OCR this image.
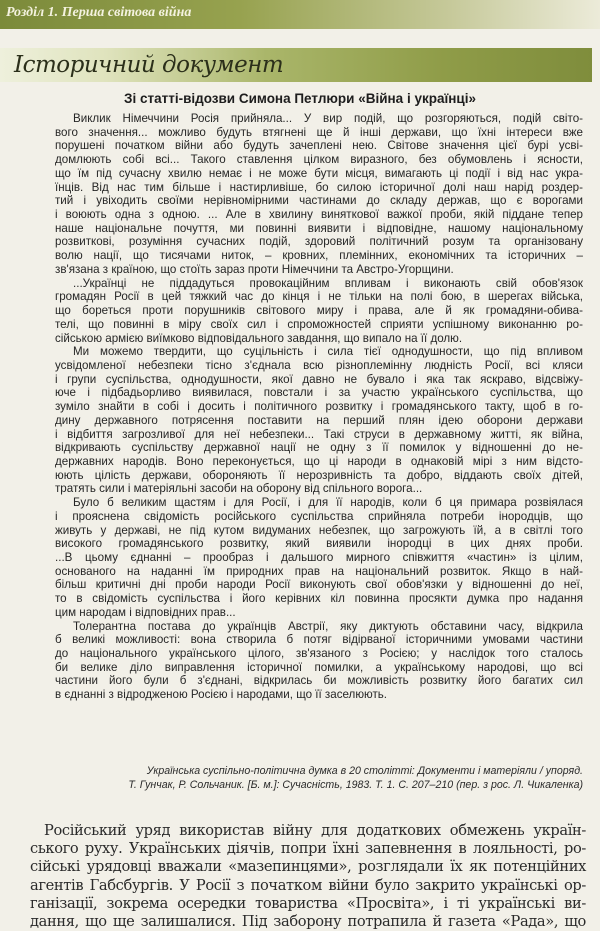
Розділ 1. Перша світова війна
Історичний документ
Зі статті-відозви Симона Петлюри «Війна і українці»
Виклик Німеччини Росія прийняла... У вир подій, що розгоряються, подій світо-
вого значення... можливо будуть втягнені ще й інші держави, що їхні інтереси вже
порушені початком війни або будуть зачеплені нею. Світове значення цієї бурі усві-
домлюють собі всі... Такого ставлення цілком виразного, без обумовлень і ясности,
що їм під сучасну хвилю немає і не може бути місця, вимагають ці події і від нас укра-
їнців. Від нас тим більше і настирливіше, бо силою історичної долі наш нарід роздер-
тий і увіходить своїми нерівномірними частинами до складу держав, що є ворогами
і воюють одна з одною. ... Але в хвилину виняткової важкої проби, якій піддане тепер
наше національне почуття, ми повинні виявити і відповідне, нашому національному
розвиткові, розуміння сучасних подій, здоровий політичний розум та організовану
волю нації, що тисячами ниток, – кровних, племінних, економічних та історичних –
зв'язана з країною, що стоїть зараз проти Німеччини та Австро-Угорщини.
...Українці не піддадуться провокаційним впливам і виконають свій обов'язок
громадян Росії в цей тяжкий час до кінця і не тільки на полі бою, в шерегах війська,
що бореться проти порушників світового миру і права, але й як громадяни-обива-
телі, що повинні в міру своїх сил і спроможностей сприяти успішному виконанню ро-
сійською армією виїмково відповідального завдання, що випало на її долю.
Ми можемо твердити, що суцільність і сила тієї однодушности, що під впливом
усвідомленої небезпеки тісно з'єднала всю різноплемінну людність Росії, всі кляси
і групи суспільства, однодушности, якої давно не бувало і яка так яскраво, відсвіжу-
юче і підбадьорливо виявилася, повстали і за участю українського суспільства, що
зуміло знайти в собі і досить і політичного розвитку і громадянського такту, щоб в го-
дину державного потрясення поставити на перший плян ідею оборони держави
і відбиття загрозливої для неї небезпеки... Такі струси в державному житті, як війна,
відкривають суспільству державної нації не одну з її помилок у відношенні до не-
державних народів. Воно переконується, що ці народи в однаковій мірі з ним відсто-
юють цілість держави, обороняють її нерозривність та добро, віддають своїх дітей,
тратять сили і матеріяльні засоби на оборону від спільного ворога...
Було б великим щастям і для Росії, і для її народів, коли б ця примара розвіялася
і прояснена свідомість російського суспільства сприйняла потреби інородців, що
живуть у державі, не під кутом видуманих небезпек, що загрожують їй, а в світлі того
високого громадянського розвитку, який виявили інородці в цих днях проби.
...В цьому єднанні – прообраз і дальшого мирного співжиття «частин» із цілим,
основаного на наданні їм природних прав на національний розвиток. Якщо в най-
більш критичні дні проби народи Росії виконують свої обов'язки у відношенні до неї,
то в свідомість суспільства і його керівних кіл повинна просякти думка про надання
цим народам і відповідних прав...
Толерантна постава до українців Австрії, яку диктують обставини часу, відкрила
б великі можливості: вона створила б потяг відірваної історичними умовами частини
до національного українського цілого, зв'язаного з Росією; у наслідок того сталось
би велике діло виправлення історичної помилки, а українському народові, що всі
частини його були б з'єднані, відкрилась би можливість розвитку його багатих сил
в єднанні з відродженою Росією і народами, що її заселюють.
Українська суспільно-політична думка в 20 столітті: Документи і матеріяли / упоряд.
Т. Гунчак, Р. Сольчаник. [Б. м.]: Сучасність, 1983. Т. 1. С. 207–210 (пер. з рос. Л. Чикаленка)
Російський уряд використав війну для додаткових обмежень україн-
ського руху. Українських діячів, попри їхні запевнення в лояльності, ро-
сійські урядовці вважали «мазепинцями», розглядали їх як потенційних
агентів Габсбургів. У Росії з початком війни було закрито українські ор-
ганізації, зокрема осередки товариства «Просвіта», і ті українські ви-
дання, що ще залишалися. Під заборону потрапила й газета «Рада», що
